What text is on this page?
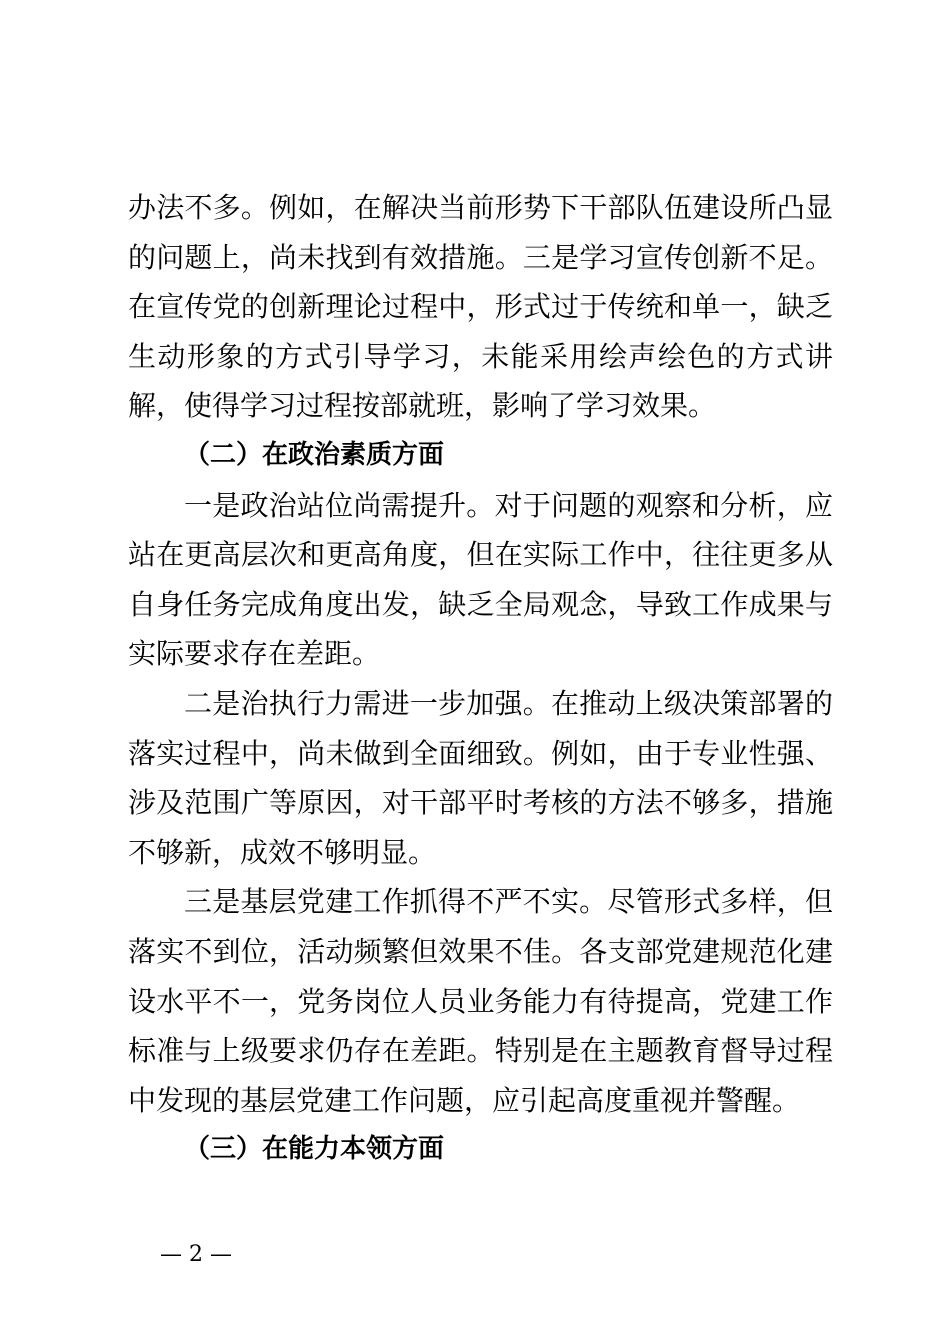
办法不多。例如，在解决当前形势下干部队伍建设所凸显的问题上，尚未找到有效措施。三是学习宣传创新不足。在宣传党的创新理论过程中，形式过于传统和单一，缺乏生动形象的方式引导学习，未能采用绘声绘色的方式讲解，使得学习过程按部就班，影响了学习效果。

（二）在政治素质方面

一是政治站位尚需提升。对于问题的观察和分析，应站在更高层次和更高角度，但在实际工作中，往往更多从自身任务完成角度出发，缺乏全局观念，导致工作成果与实际要求存在差距。

二是治执行力需进一步加强。在推动上级决策部署的落实过程中，尚未做到全面细致。例如，由于专业性强、涉及范围广等原因，对干部平时考核的方法不够多，措施不够新，成效不够明显。

三是基层党建工作抓得不严不实。尽管形式多样，但落实不到位，活动频繁但效果不佳。各支部党建规范化建设水平不一，党务岗位人员业务能力有待提高，党建工作标准与上级要求仍存在差距。特别是在主题教育督导过程中发现的基层党建工作问题，应引起高度重视并警醒。

（三）在能力本领方面

— 2 —
